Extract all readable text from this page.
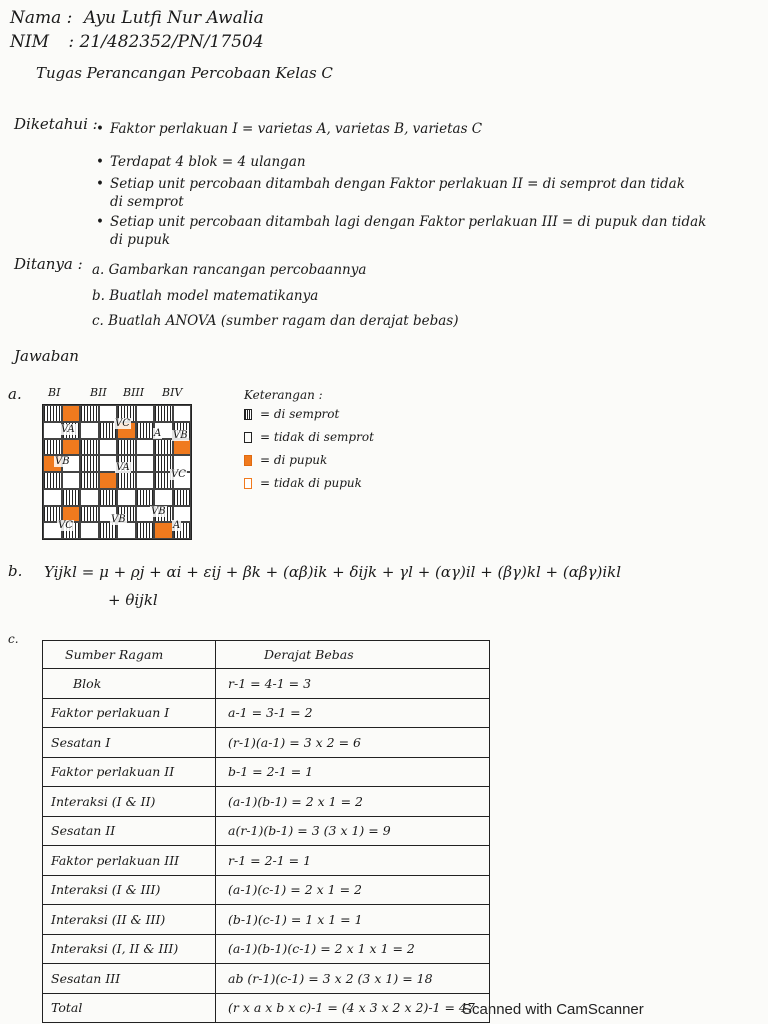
Nama : Ayu Lutfi Nur Awalia
NIM : 21/482352/PN/17504
Tugas Perancangan Percobaan Kelas C
Diketahui :
• Faktor perlakuan I = varietas A, varietas B, varietas C
• Terdapat 4 blok = 4 ulangan
• Setiap unit percobaan ditambah dengan Faktor perlakuan II = di semprot dan tidak
di semprot
• Setiap unit percobaan ditambah lagi dengan Faktor perlakuan III = di pupuk dan tidak
di pupuk
Ditanya : a. Gambarkan rancangan percobaannya
b. Buatlah model matematikanya
c. Buatlah ANOVA (sumber ragam dan derajat bebas)
Jawaban
a. BI	BII BIII BIV
VA
VC
A
VB
VB
VA
VC
VC
VB
VB
A
Keterangan :
= di semprot
= tidak di semprot
= di pupuk
= tidak di pupuk
b. Yijkl = μ + ρj + αi + εij + βk + (αβ)ik + δijk + γl + (αγ)il + (βγ)kl + (αβγ)ikl
+ θijkl
c.
Sumber Ragam	Derajat Bebas
Blok	r-1 = 4-1 = 3
Faktor perlakuan I	a-1 = 3-1 = 2
Sesatan I	(r-1)(a-1) = 3 x 2 = 6
Faktor perlakuan II	b-1 = 2-1 = 1
Interaksi (I & II)	(a-1)(b-1) = 2 x 1 = 2
Sesatan II	a(r-1)(b-1) = 3 (3 x 1) = 9
Faktor perlakuan III	r-1 = 2-1 = 1
Interaksi (I & III)	(a-1)(c-1) = 2 x 1 = 2
Interaksi (II & III)	(b-1)(c-1) = 1 x 1 = 1
Interaksi (I, II & III)	(a-1)(b-1)(c-1) = 2 x 1 x 1 = 2
Sesatan III	ab (r-1)(c-1) = 3 x 2 (3 x 1) = 18
Total	(r x a x b x c)-1 = (4 x 3 x 2 x 2)-1 = 47
Scanned with CamScanner
